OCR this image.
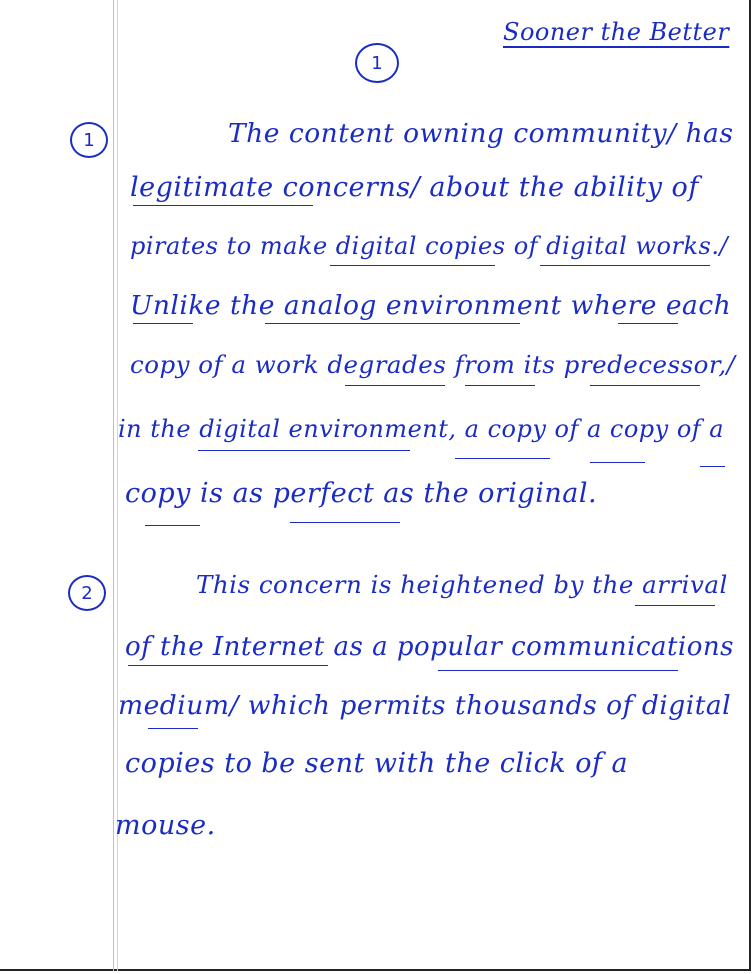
Sooner the Better
1
1	The content owning community/ has
legitimate concerns/ about the ability of
pirates to make digital copies of digital works./
Unlike the analog environment where each
copy of a work degrades from its predecessor,/
in the digital environment, a copy of a copy of a
copy is as perfect as the original.
2	This concern is heightened by the arrival
of the Internet as a popular communications
medium/ which permits thousands of digital
copies to be sent with the click of a
mouse.
